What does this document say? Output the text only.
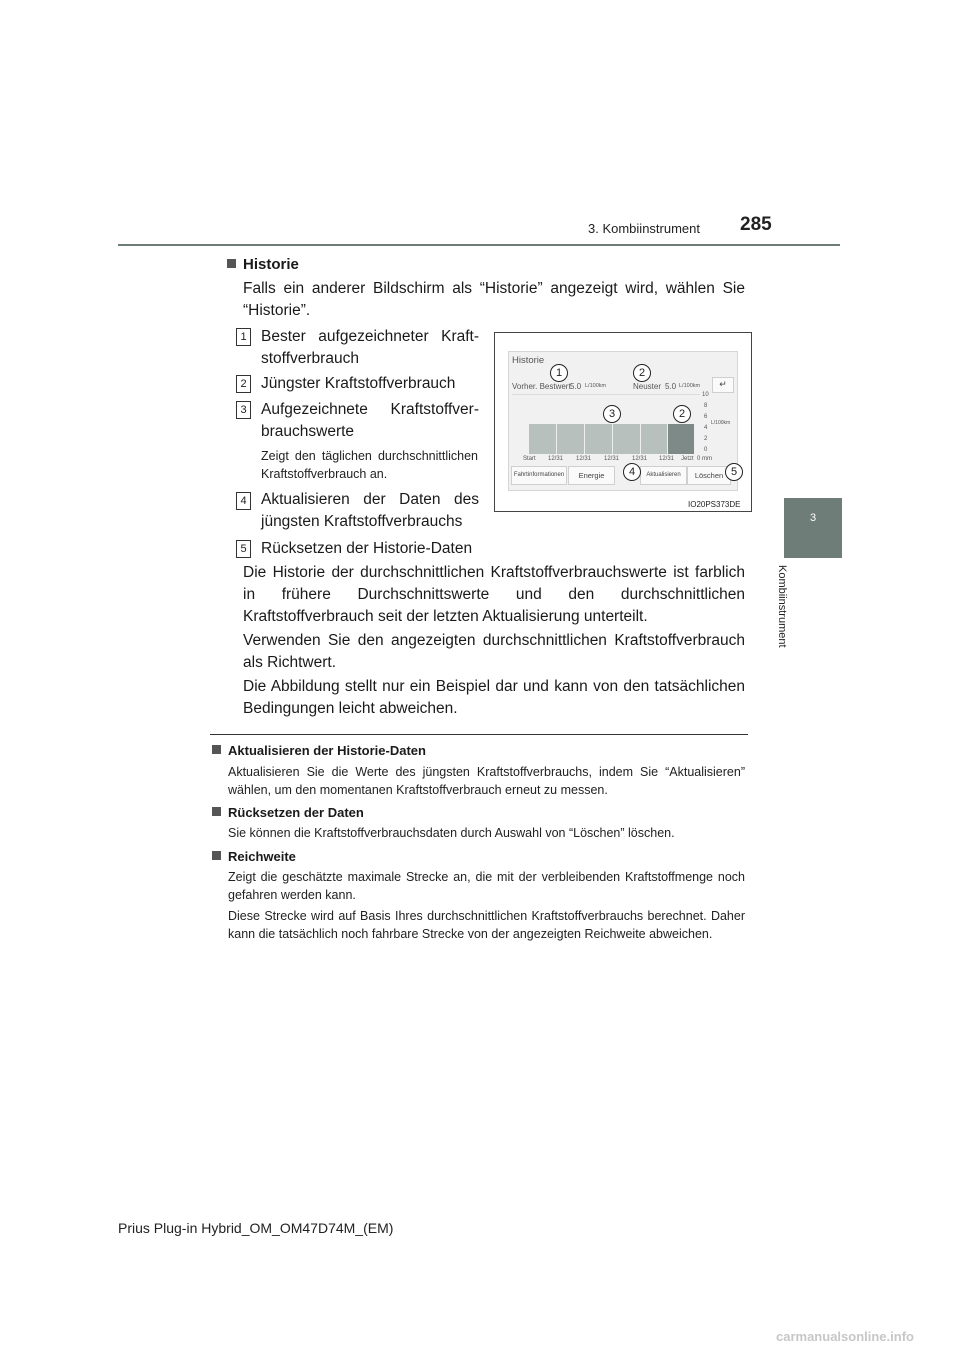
3. Kombiinstrument 285
3
Kombiinstrument
Historie
Falls ein anderer Bildschirm als “Historie” angezeigt wird, wählen Sie “Historie”.
1 Bester aufgezeichneter Kraft-
stoffverbrauch
2 Jüngster Kraftstoffverbrauch
3 Aufgezeichnete Kraftstoffver-
brauchswerte
Zeigt den täglichen durchschnittlichen Kraftstoffverbrauch an.
4 Aktualisieren der Daten des
jüngsten Kraftstoffverbrauchs
5 Rücksetzen der Historie-Daten
Historie
Vorher. Bestwert 5.0 L/100km	Neuster 5.0 L/100km	↵
10
8
6
4
2
0
L/100km
Start 12/31 12/31 12/31 12/31 12/31 Jetzt 0 mm
Fahrtinformationen	Energie	Aktualisieren	Löschen
1	2
3	2
4	5
IO20PS373DE
Die Historie der durchschnittlichen Kraftstoffverbrauchswerte ist farblich in frühere Durchschnittswerte und den durchschnittlichen Kraftstoffverbrauch seit der letzten Aktualisierung unterteilt.
Verwenden Sie den angezeigten durchschnittlichen Kraftstoffverbrauch als Richtwert.
Die Abbildung stellt nur ein Beispiel dar und kann von den tatsächlichen Bedingungen leicht abweichen.
Aktualisieren der Historie-Daten
Aktualisieren Sie die Werte des jüngsten Kraftstoffverbrauchs, indem Sie “Aktualisieren” wählen, um den momentanen Kraftstoffverbrauch erneut zu messen.
Rücksetzen der Daten
Sie können die Kraftstoffverbrauchsdaten durch Auswahl von “Löschen” löschen.
Reichweite
Zeigt die geschätzte maximale Strecke an, die mit der verbleibenden Kraftstoffmenge noch gefahren werden kann.
Diese Strecke wird auf Basis Ihres durchschnittlichen Kraftstoffverbrauchs berechnet. Daher kann die tatsächlich noch fahrbare Strecke von der angezeigten Reichweite abweichen.
Prius Plug-in Hybrid_OM_OM47D74M_(EM)
carmanualsonline.info
